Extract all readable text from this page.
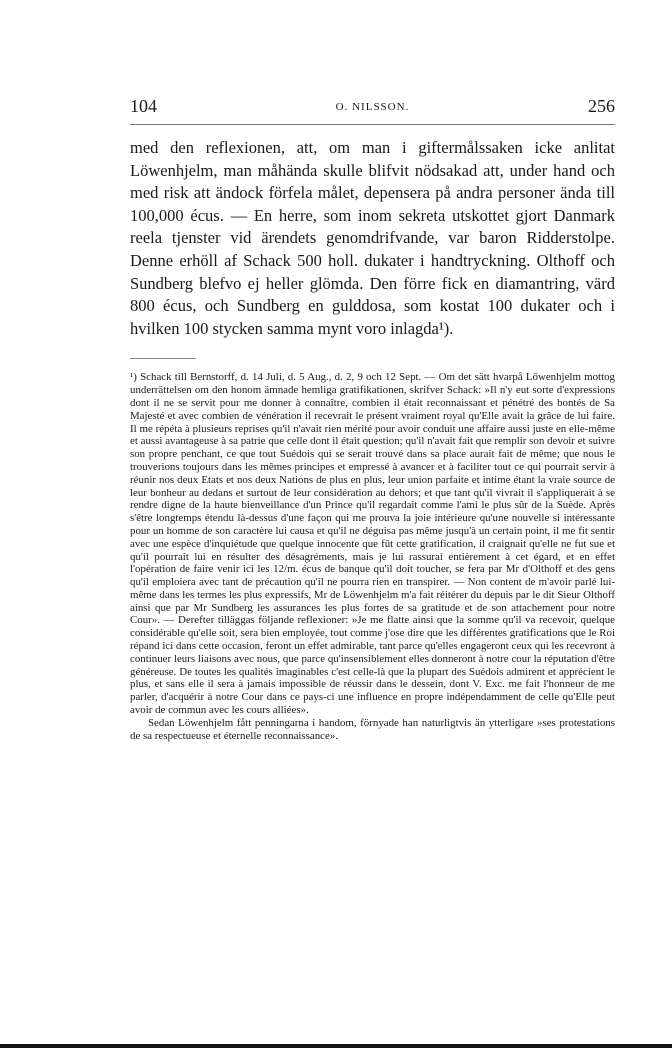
104	O. NILSSON.	256

med den reflexionen, att, om man i giftermålssaken icke anlitat Löwenhjelm, man måhända skulle blifvit nödsakad att, under hand och med risk att ändock förfela målet, depensera på andra personer ända till 100,000 écus. — En herre, som inom sekreta utskottet gjort Danmark reela tjenster vid ärendets genomdrifvande, var baron Ridderstolpe. Denne erhöll af Schack 500 holl. dukater i handtryckning. Olthoff och Sundberg blefvo ej heller glömda. Den förre fick en diamantring, värd 800 écus, och Sundberg en gulddosa, som kostat 100 dukater och i hvilken 100 stycken samma mynt voro inlagda¹).

¹) Schack till Bernstorff, d. 14 Juli, d. 5 Aug., d. 2, 9 och 12 Sept. — Om det sätt hvarpå Löwenhjelm mottog underrättelsen om den honom ämnade hemliga gratifikationen, skrifver Schack: »Il n'y eut sorte d'expressions dont il ne se servit pour me donner à connaître, combien il était reconnaissant et pénétré des bontés de Sa Majesté et avec combien de vénération il recevrait le présent vraiment royal qu'Elle avait la grâce de lui faire. Il me répéta à plusieurs reprises qu'il n'avait rien mérité pour avoir conduit une affaire aussi juste en elle-même et aussi avantageuse à sa patrie que celle dont il était question; qu'il n'avait fait que remplir son devoir et suivre son propre penchant, ce que tout Suédois qui se serait trouvé dans sa place aurait fait de même; que nous le trouverions toujours dans les mêmes principes et empressé à avancer et à faciliter tout ce qui pourrait servir à réunir nos deux Etats et nos deux Nations de plus en plus, leur union parfaite et intime étant la vraie source de leur bonheur au dedans et surtout de leur considération au dehors; et que tant qu'il vivrait il s'appliquerait à se rendre digne de la haute bienveillance d'un Prince qu'il regardait comme l'ami le plus sûr de la Suède. Après s'être longtemps étendu là-dessus d'une façon qui me prouva la joie intérieure qu'une nouvelle si intéressante pour un homme de son caractère lui causa et qu'il ne déguisa pas même jusqu'à un certain point, il me fit sentir avec une espèce d'inquiétude que quelque innocente que fût cette gratification, il craignait qu'elle ne fut sue et qu'il pourrait lui en résulter des désagréments, mais je lui rassurai entièrement à cet égard, et en effet l'opération de faire venir ici les 12/m. écus de banque qu'il doit toucher, se fera par Mr d'Olthoff et des gens qu'il emploiera avec tant de précaution qu'il ne pourra rien en transpirer. — Non content de m'avoir parlé lui-même dans les termes les plus expressifs, Mr de Löwenhjelm m'a fait réitérer du depuis par le dit Sieur Olthoff ainsi que par Mr Sundberg les assurances les plus fortes de sa gratitude et de son attachement pour notre Cour». — Derefter tilläggas följande reflexioner: »Je me flatte ainsi que la somme qu'il va recevoir, quelque considérable qu'elle soit, sera bien employée, tout comme j'ose dire que les différentes gratifications que le Roi répand ici dans cette occasion, feront un effet admirable, tant parce qu'elles engageront ceux qui les recevront à continuer leurs liaisons avec nous, que parce qu'insensiblement elles donneront à notre cour la réputation d'être généreuse. De toutes les qualités imaginables c'est celle-là que la plupart des Suédois admirent et apprécient le plus, et sans elle il sera à jamais impossible de réussir dans le dessein, dont V. Exc. me fait l'honneur de me parler, d'acquérir à notre Cour dans ce pays-ci une influence en propre indépendamment de celle qu'Elle peut avoir de commun avec les cours alliées».

Sedan Löwenhjelm fått penningarna i handom, förnyade han naturligtvis än ytterligare »ses protestations de sa respectueuse et éternelle reconnaissance».
